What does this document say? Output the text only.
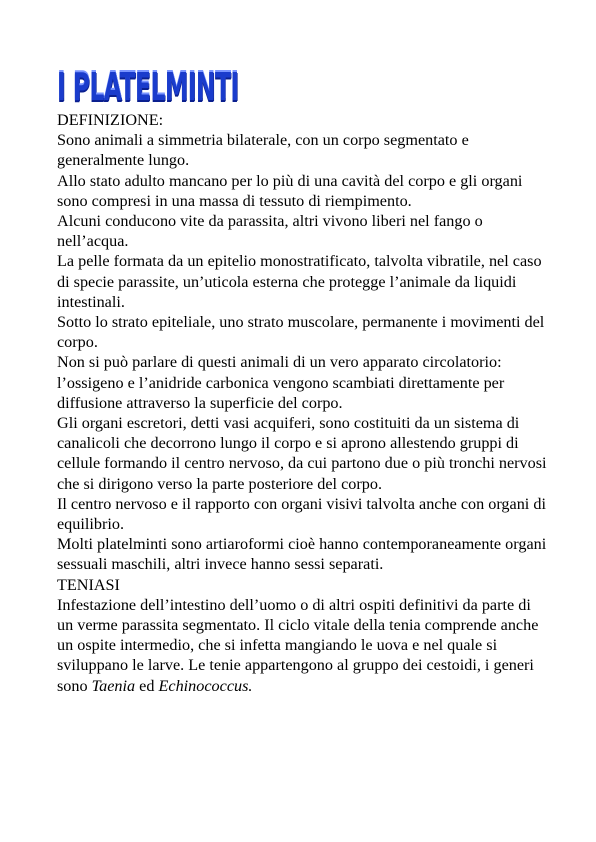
I PLATELMINTI
DEFINIZIONE:

Sono animali a simmetria bilaterale, con un corpo segmentato e generalmente lungo.

Allo stato adulto mancano per lo più di una cavità del corpo e gli organi sono compresi in una massa di tessuto di riempimento.

Alcuni conducono vite da parassita, altri vivono liberi nel fango o nell’acqua.

La pelle formata da un epitelio monostratificato, talvolta vibratile, nel caso di specie parassite, un’uticola esterna che protegge l’animale da liquidi intestinali.

Sotto lo strato epiteliale, uno strato muscolare, permanente i movimenti del corpo.

Non si può parlare di questi animali di un vero apparato circolatorio: l’ossigeno e l’anidride carbonica vengono scambiati direttamente per diffusione attraverso la superficie del corpo.

Gli organi escretori, detti vasi acquiferi, sono costituiti da un sistema di canalicoli che decorrono lungo il corpo e si aprono allestendo gruppi di cellule formando il centro nervoso, da cui partono due o più tronchi nervosi che si dirigono verso la parte posteriore del corpo.

Il centro nervoso e il rapporto con organi visivi talvolta anche con organi di equilibrio.

Molti platelminti sono artiaroformi cioè hanno contemporaneamente organi sessuali maschili, altri invece hanno sessi separati.

TENIASI

Infestazione dell’intestino dell’uomo o di altri ospiti definitivi da parte di un verme parassita segmentato. Il ciclo vitale della tenia comprende anche un ospite intermedio, che si infetta mangiando le uova e nel quale si sviluppano le larve. Le tenie appartengono al gruppo dei cestoidi, i generi sono Taenia ed Echinococcus.
